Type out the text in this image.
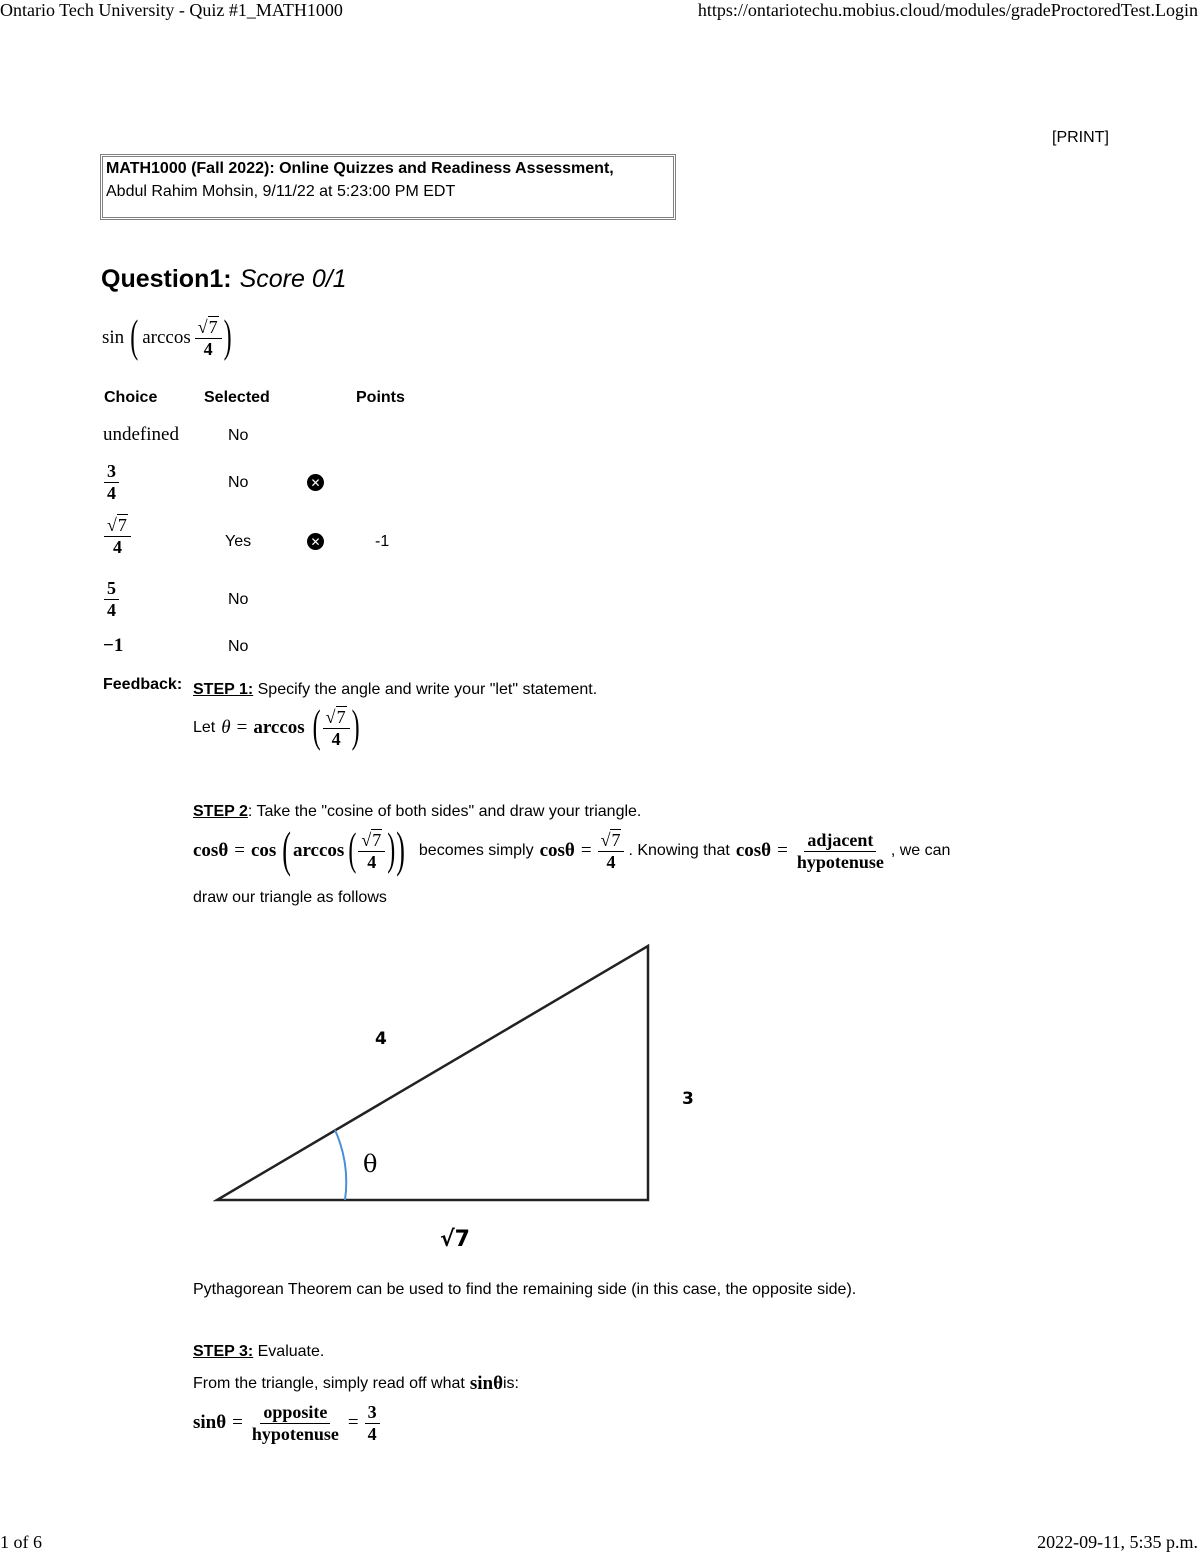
Ontario Tech University - Quiz #1_MATH1000	https://ontariotechu.mobius.cloud/modules/gradeProctoredTest.Login
1 of 6	2022-09-11, 5:35 p.m.
[PRINT]
MATH1000 (Fall 2022): Online Quizzes and Readiness Assessment,
Abdul Rahim Mohsin, 9/11/22 at 5:23:00 PM EDT
Question1: Score 0/1
sin ( $\arccos \frac{√7}{4}$ )
Choice	Selected	Points
undefined	No
$\frac{3}{4}$	No	✕
$\frac{√7}{4}$	Yes	✕	-1
$\frac{5}{4}$	No
−1	No
Feedback: STEP 1: Specify the angle and write your "let" statement.
Let θ = arccos ( $\frac{√7}{4}$ )
STEP 2: Take the "cosine of both sides" and draw your triangle.
cosθ = cos ( arccos ( $\frac{√7}{4}$ ) ) becomes simply $\cos\theta = \frac{√7}{4}$ . Knowing that $\cos\theta = \frac{\text{adjacent}}{\text{hypotenuse}}$ , we can
draw our triangle as follows
4
3
√7
θ
Pythagorean Theorem can be used to find the remaining side (in this case, the opposite side).
STEP 3: Evaluate.
From the triangle, simply read off what sinθ is:
$\sin\theta = \frac{\text{opposite}}{\text{hypotenuse}} = \frac{3}{4}$
